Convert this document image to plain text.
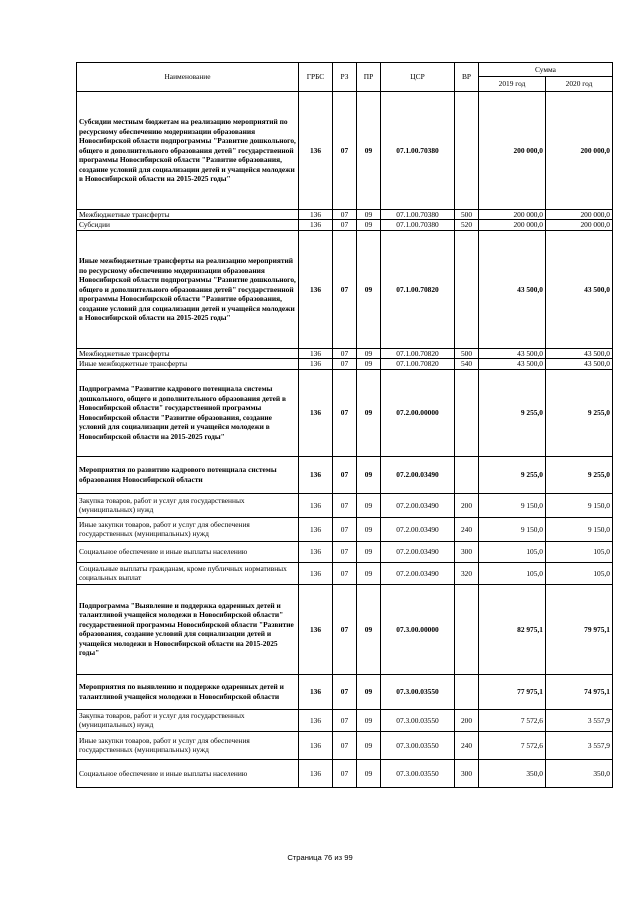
Наименование	ГРБС	РЗ	ПР	ЦСР	ВР	Сумма	
						2019 год	2020 год
Субсидии местным бюджетам на реализацию мероприятий по ресурсному обеспечению модернизации образования Новосибирской области подпрограммы "Развитие дошкольного, общего и дополнительного образования детей" государственной программы Новосибирской области "Развитие образования, создание условий для социализации детей и учащейся молодежи в Новосибирской области на 2015-2025 годы"	136	07	09	07.1.00.70380		200 000,0	200 000,0
Межбюджетные трансферты	136	07	09	07.1.00.70380	500	200 000,0	200 000,0
Субсидии	136	07	09	07.1.00.70380	520	200 000,0	200 000,0
Иные межбюджетные трансферты на реализацию мероприятий по ресурсному обеспечению модернизации образования Новосибирской области подпрограммы "Развитие дошкольного, общего и дополнительного образования детей" государственной программы Новосибирской области "Развитие образования, создание условий для социализации детей и учащейся молодежи в Новосибирской области на 2015-2025 годы"	136	07	09	07.1.00.70820		43 500,0	43 500,0
Межбюджетные трансферты	136	07	09	07.1.00.70820	500	43 500,0	43 500,0
Иные межбюджетные трансферты	136	07	09	07.1.00.70820	540	43 500,0	43 500,0
Подпрограмма "Развитие кадрового потенциала системы дошкольного, общего и дополнительного образования детей в Новосибирской области" государственной программы Новосибирской области "Развитие образования, создание условий для социализации детей и учащейся молодежи в Новосибирской области на 2015-2025 годы"	136	07	09	07.2.00.00000		9 255,0	9 255,0
Мероприятия по развитию кадрового потенциала системы образования Новосибирской области	136	07	09	07.2.00.03490		9 255,0	9 255,0
Закупка товаров, работ и услуг для государственных (муниципальных) нужд	136	07	09	07.2.00.03490	200	9 150,0	9 150,0
Иные закупки товаров, работ и услуг для обеспечения государственных (муниципальных) нужд	136	07	09	07.2.00.03490	240	9 150,0	9 150,0
Социальное обеспечение и иные выплаты населению	136	07	09	07.2.00.03490	300	105,0	105,0
Социальные выплаты гражданам, кроме публичных нормативных социальных выплат	136	07	09	07.2.00.03490	320	105,0	105,0
Подпрограмма "Выявление и поддержка одаренных детей и талантливой учащейся молодежи в Новосибирской области" государственной программы Новосибирской области "Развитие образования, создание условий для социализации детей и учащейся молодежи в Новосибирской области на 2015-2025 годы"	136	07	09	07.3.00.00000		82 975,1	79 975,1
Мероприятия по выявлению и поддержке одаренных детей и талантливой учащейся молодежи в Новосибирской области	136	07	09	07.3.00.03550		77 975,1	74 975,1
Закупка товаров, работ и услуг для государственных (муниципальных) нужд	136	07	09	07.3.00.03550	200	7 572,6	3 557,9
Иные закупки товаров, работ и услуг для обеспечения государственных (муниципальных) нужд	136	07	09	07.3.00.03550	240	7 572,6	3 557,9
Социальное обеспечение и иные выплаты населению	136	07	09	07.3.00.03550	300	350,0	350,0
Страница 76 из 99
